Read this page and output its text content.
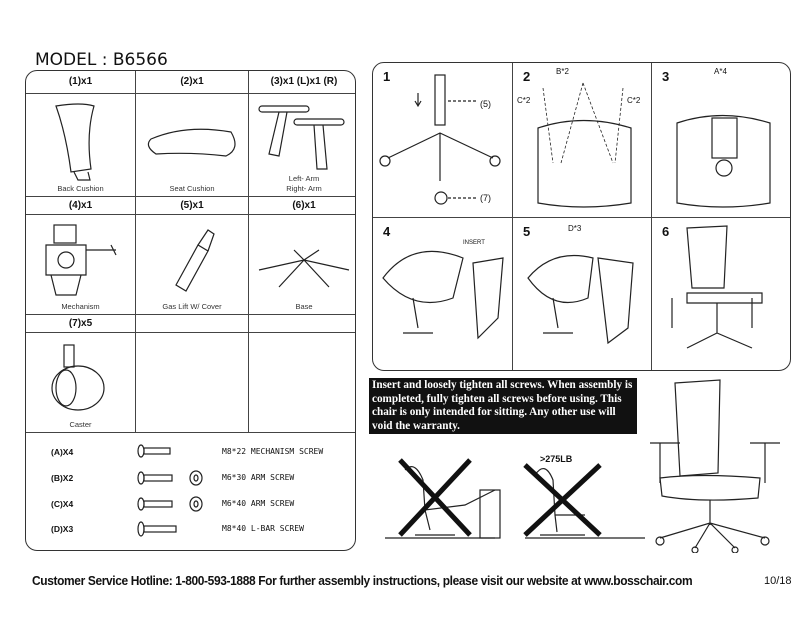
MODEL : B6566
(1)x1	(2)x1	(3)x1 (L)x1 (R)
Back Cushion	Seat Cushion
Left- Arm
Right- Arm
(4)x1	(5)x1	(6)x1
Mechanism	Gas Lift W/ Cover	Base
(7)x5
Caster
(A)X4	M8*22 MECHANISM SCREW
(B)X2	M6*30 ARM SCREW
(C)X4	M6*40 ARM SCREW
(D)X3	M8*40 L-BAR SCREW
1
(5)
(7)
2	B*2
C*2	C*2
3	A*4
4
INSERT
5	D*3	6
Insert and loosely tighten all screws. When assembly is completed, fully tighten all screws before using. This chair is only intended for sitting. Any other use will void the warranty.
>275LB
Customer Service Hotline: 1-800-593-1888 For further assembly instructions, please visit our website at www.bosschair.com	10/18
